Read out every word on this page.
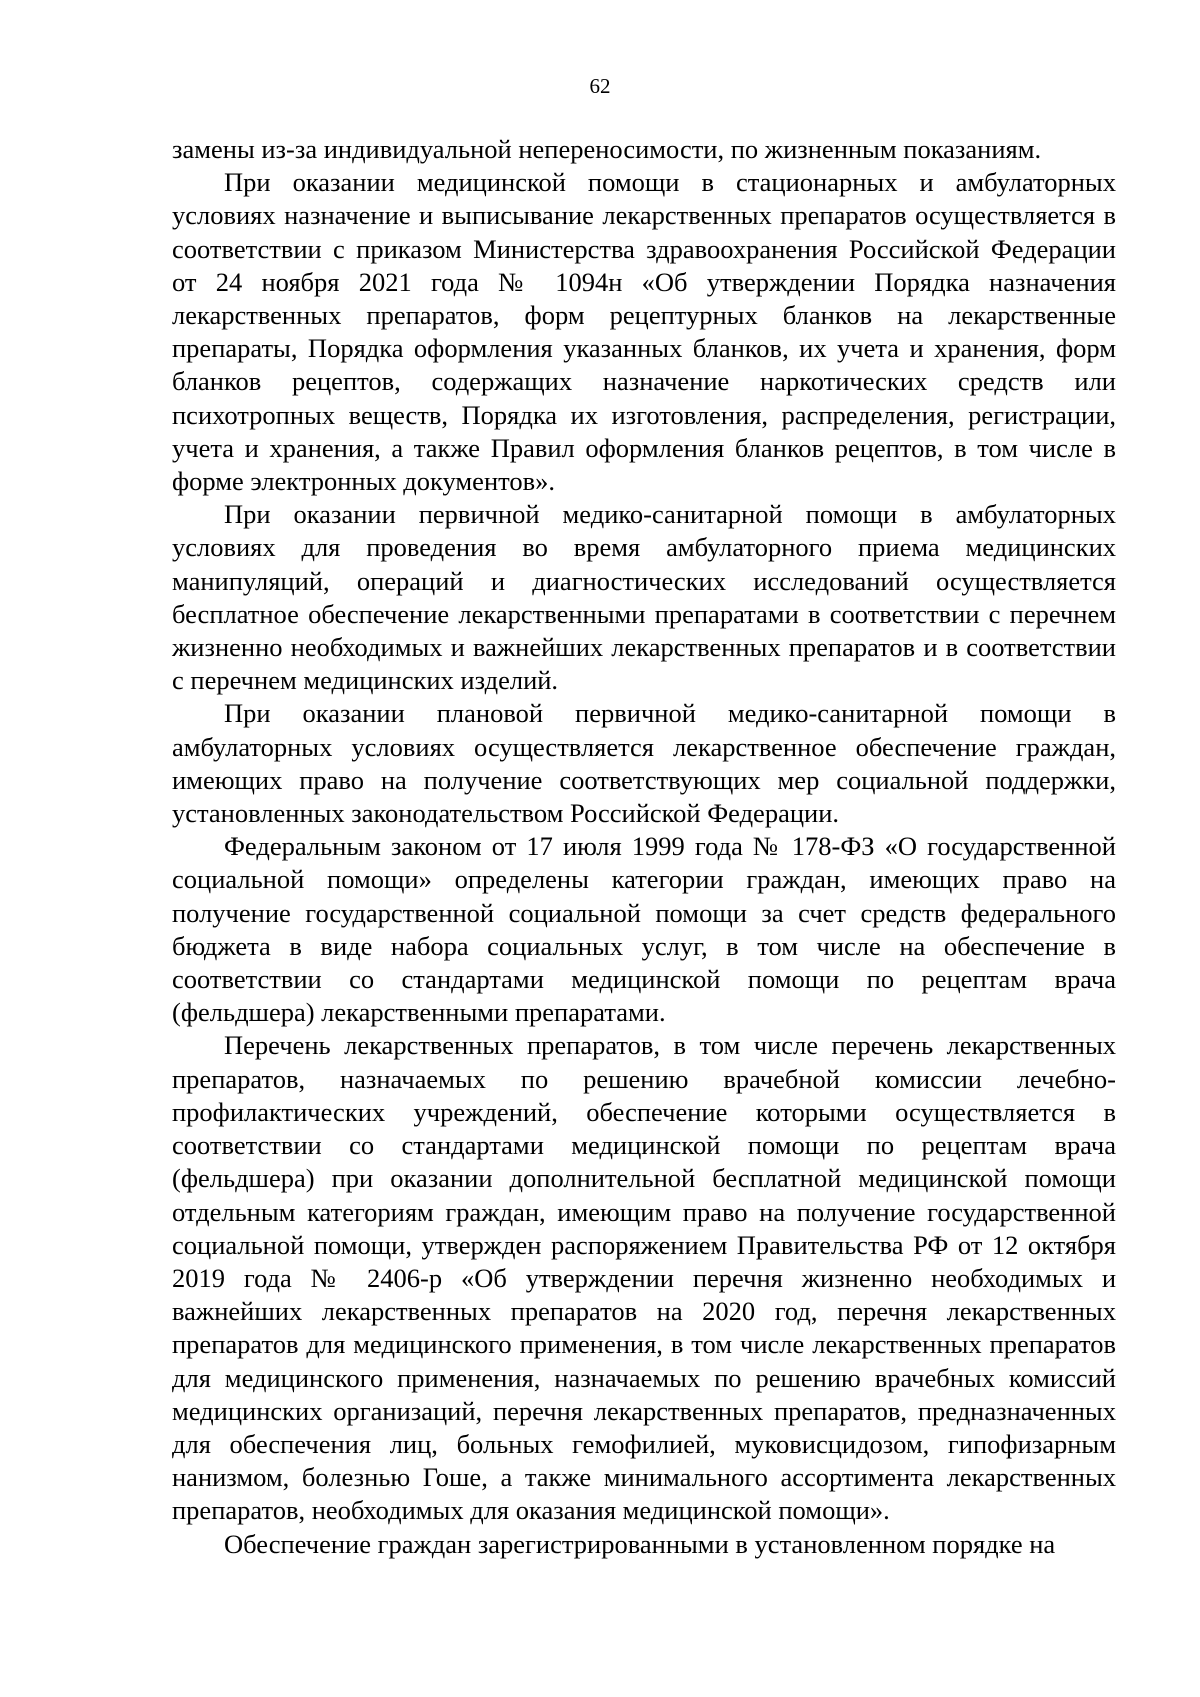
62

замены из-за индивидуальной непереносимости, по жизненным показаниям.

При оказании медицинской помощи в стационарных и амбулаторных условиях назначение и выписывание лекарственных препаратов осуществляется в соответствии с приказом Министерства здравоохранения Российской Федерации от 24 ноября 2021 года № 1094н «Об утверждении Порядка назначения лекарственных препаратов, форм рецептурных бланков на лекарственные препараты, Порядка оформления указанных бланков, их учета и хранения, форм бланков рецептов, содержащих назначение наркотических средств или психотропных веществ, Порядка их изготовления, распределения, регистрации, учета и хранения, а также Правил оформления бланков рецептов, в том числе в форме электронных документов».

При оказании первичной медико-санитарной помощи в амбулаторных условиях для проведения во время амбулаторного приема медицинских манипуляций, операций и диагностических исследований осуществляется бесплатное обеспечение лекарственными препаратами в соответствии с перечнем жизненно необходимых и важнейших лекарственных препаратов и в соответствии с перечнем медицинских изделий.

При оказании плановой первичной медико-санитарной помощи в амбулаторных условиях осуществляется лекарственное обеспечение граждан, имеющих право на получение соответствующих мер социальной поддержки, установленных законодательством Российской Федерации.

Федеральным законом от 17 июля 1999 года № 178-ФЗ «О государственной социальной помощи» определены категории граждан, имеющих право на получение государственной социальной помощи за счет средств федерального бюджета в виде набора социальных услуг, в том числе на обеспечение в соответствии со стандартами медицинской помощи по рецептам врача (фельдшера) лекарственными препаратами.

Перечень лекарственных препаратов, в том числе перечень лекарственных препаратов, назначаемых по решению врачебной комиссии лечебно-профилактических учреждений, обеспечение которыми осуществляется в соответствии со стандартами медицинской помощи по рецептам врача (фельдшера) при оказании дополнительной бесплатной медицинской помощи отдельным категориям граждан, имеющим право на получение государственной социальной помощи, утвержден распоряжением Правительства РФ от 12 октября 2019 года № 2406-р «Об утверждении перечня жизненно необходимых и важнейших лекарственных препаратов на 2020 год, перечня лекарственных препаратов для медицинского применения, в том числе лекарственных препаратов для медицинского применения, назначаемых по решению врачебных комиссий медицинских организаций, перечня лекарственных препаратов, предназначенных для обеспечения лиц, больных гемофилией, муковисцидозом, гипофизарным нанизмом, болезнью Гоше, а также минимального ассортимента лекарственных препаратов, необходимых для оказания медицинской помощи».

Обеспечение граждан зарегистрированными в установленном порядке на
